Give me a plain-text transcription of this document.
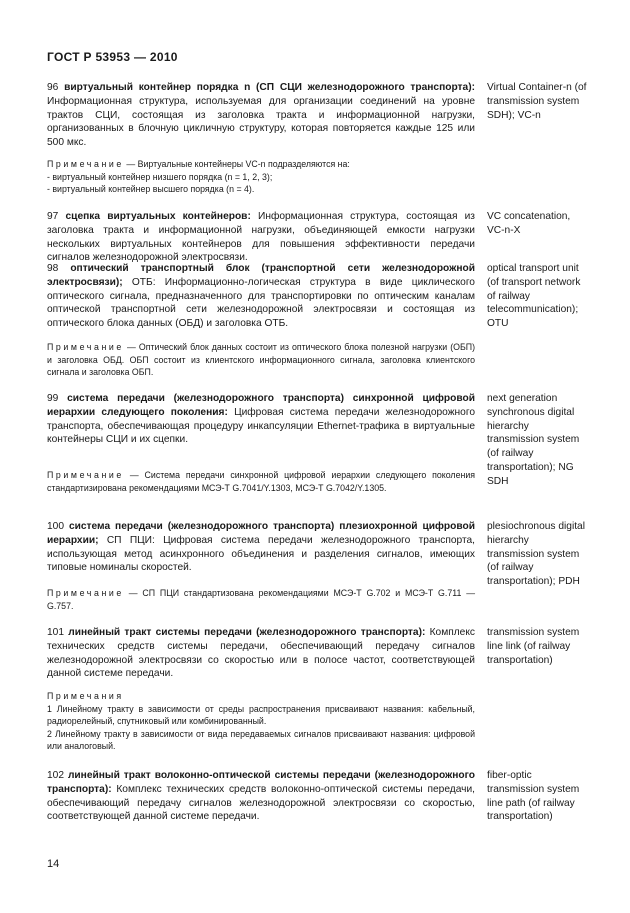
ГОСТ Р 53953 — 2010

96 виртуальный контейнер порядка n (СП СЦИ железнодорожного транспорта): Информационная структура, используемая для организации соединений на уровне трактов СЦИ, состоящая из заголовка тракта и информационной нагрузки, организованных в блочную цикличную структуру, которая повторяется каждые 125 или 500 мкс.

Virtual Container-n (of transmission system SDH); VC-n

Примечание — Виртуальные контейнеры VC-n подразделяются на:

- виртуальный контейнер низшего порядка (n = 1, 2, 3);

- виртуальный контейнер высшего порядка (n = 4).

97 сцепка виртуальных контейнеров: Информационная структура, состоящая из заголовка тракта и информационной нагрузки, объединяющей емкости нагрузки нескольких виртуальных контейнеров для повышения эффективности передачи сигналов железнодорожной электросвязи.

VC concatenation, VC-n-X

98 оптический транспортный блок (транспортной сети железнодорожной электросвязи); ОТБ: Информационно-логическая структура в виде циклического оптического сигнала, предназначенного для транспортировки по оптическим каналам оптической транспортной сети железнодорожной электросвязи и состоящая из оптического блока данных (ОБД) и заголовка ОТБ.

optical transport unit (of transport network of railway telecommunication); OTU

Примечание — Оптический блок данных состоит из оптического блока полезной нагрузки (ОБП) и заголовка ОБД. ОБП состоит из клиентского информационного сигнала, заголовка клиентского сигнала и заголовка ОБП.

99 система передачи (железнодорожного транспорта) синхронной цифровой иерархии следующего поколения: Цифровая система передачи железнодорожного транспорта, обеспечивающая процедуру инкапсуляции Ethernet-трафика в виртуальные контейнеры СЦИ и их сцепки.

next generation synchronous digital hierarchy transmission system (of railway transportation); NG SDH

Примечание — Система передачи синхронной цифровой иерархии следующего поколения стандартизирована рекомендациями МСЭ-Т G.7041/Y.1303, МСЭ-Т G.7042/Y.1305.

100 система передачи (железнодорожного транспорта) плезиохронной цифровой иерархии; СП ПЦИ: Цифровая система передачи железнодорожного транспорта, использующая метод асинхронного объединения и разделения сигналов, имеющих типовые номиналы скоростей.

plesiochronous digital hierarchy transmission system (of railway transportation); PDH

Примечание — СП ПЦИ стандартизована рекомендациями МСЭ-Т G.702 и МСЭ-Т G.711 — G.757.

101 линейный тракт системы передачи (железнодорожного транспорта): Комплекс технических средств системы передачи, обеспечивающий передачу сигналов железнодорожной электросвязи со скоростью или в полосе частот, соответствующей данной системе передачи.

transmission system line link (of railway transportation)

Примечания

1 Линейному тракту в зависимости от среды распространения присваивают названия: кабельный, радиорелейный, спутниковый или комбинированный.

2 Линейному тракту в зависимости от вида передаваемых сигналов присваивают названия: цифровой или аналоговый.

102 линейный тракт волоконно-оптической системы передачи (железнодорожного транспорта): Комплекс технических средств волоконно-оптической системы передачи, обеспечивающий передачу сигналов железнодорожной электросвязи со скоростью, соответствующей данной системе передачи.

fiber-optic transmission system line path (of railway transportation)

14
